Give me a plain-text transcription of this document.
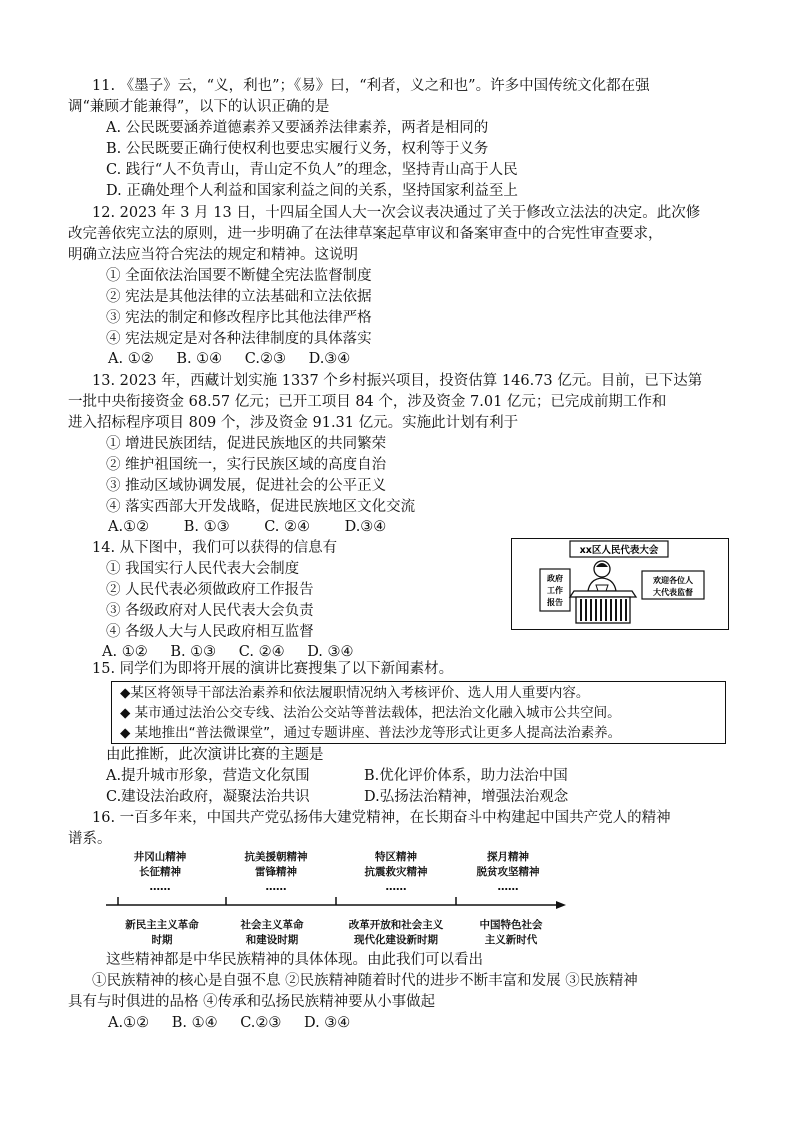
11. 《墨子》云，“义，利也”；《易》曰，“利者，义之和也”。许多中国传统文化都在强
调“兼顾才能兼得”，以下的认识正确的是
A. 公民既要涵养道德素养又要涵养法律素养，两者是相同的
B. 公民既要正确行使权利也要忠实履行义务，权利等于义务
C. 践行“人不负青山，青山定不负人”的理念，坚持青山高于人民
D. 正确处理个人利益和国家利益之间的关系，坚持国家利益至上
12. 2023 年 3 月 13 日，十四届全国人大一次会议表决通过了关于修改立法法的决定。此次修
改完善依宪立法的原则，进一步明确了在法律草案起草审议和备案审查中的合宪性审查要求，
明确立法应当符合宪法的规定和精神。这说明
① 全面依法治国要不断健全宪法监督制度
② 宪法是其他法律的立法基础和立法依据
③ 宪法的制定和修改程序比其他法律严格
④ 宪法规定是对各种法律制度的具体落实
A. ①② B. ①④ C.②③ D.③④
13. 2023 年，西藏计划实施 1337 个乡村振兴项目，投资估算 146.73 亿元。目前，已下达第
一批中央衔接资金 68.57 亿元；已开工项目 84 个，涉及资金 7.01 亿元；已完成前期工作和
进入招标程序项目 809 个，涉及资金 91.31 亿元。实施此计划有利于
① 增进民族团结，促进民族地区的共同繁荣
② 维护祖国统一，实行民族区域的高度自治
③ 推动区域协调发展，促进社会的公平正义
④ 落实西部大开发战略，促进民族地区文化交流
A.①② B. ①③ C. ②④ D.③④
14. 从下图中，我们可以获得的信息有
① 我国实行人民代表大会制度
② 人民代表必须做政府工作报告
③ 各级政府对人民代表大会负责
④ 各级人大与人民政府相互监督
A. ①② B. ①③ C. ②④ D. ③④
xx区人民代表大会
政府
工作
报告
欢迎各位人
大代表监督
15. 同学们为即将开展的演讲比赛搜集了以下新闻素材。
◆某区将领导干部法治素养和依法履职情况纳入考核评价、选人用人重要内容。
◆ 某市通过法治公交专线、法治公交站等普法载体，把法治文化融入城市公共空间。
◆ 某地推出“普法微课堂”，通过专题讲座、普法沙龙等形式让更多人提高法治素养。
由此推断，此次演讲比赛的主题是
A.提升城市形象，营造文化氛围	B.优化评价体系，助力法治中国
C.建设法治政府，凝聚法治共识	D.弘扬法治精神，增强法治观念
16. 一百多年来，中国共产党弘扬伟大建党精神，在长期奋斗中构建起中国共产党人的精神
谱系。
井冈山精神
长征精神
……
抗美援朝精神
雷锋精神
……
特区精神
抗震救灾精神
……
探月精神
脱贫攻坚精神
……
新民主主义革命
时期
社会主义革命
和建设时期
改革开放和社会主义
现代化建设新时期
中国特色社会
主义新时代
这些精神都是中华民族精神的具体体现。由此我们可以看出
①民族精神的核心是自强不息 ②民族精神随着时代的进步不断丰富和发展 ③民族精神
具有与时俱进的品格 ④传承和弘扬民族精神要从小事做起
A.①② B. ①④ C.②③ D. ③④
